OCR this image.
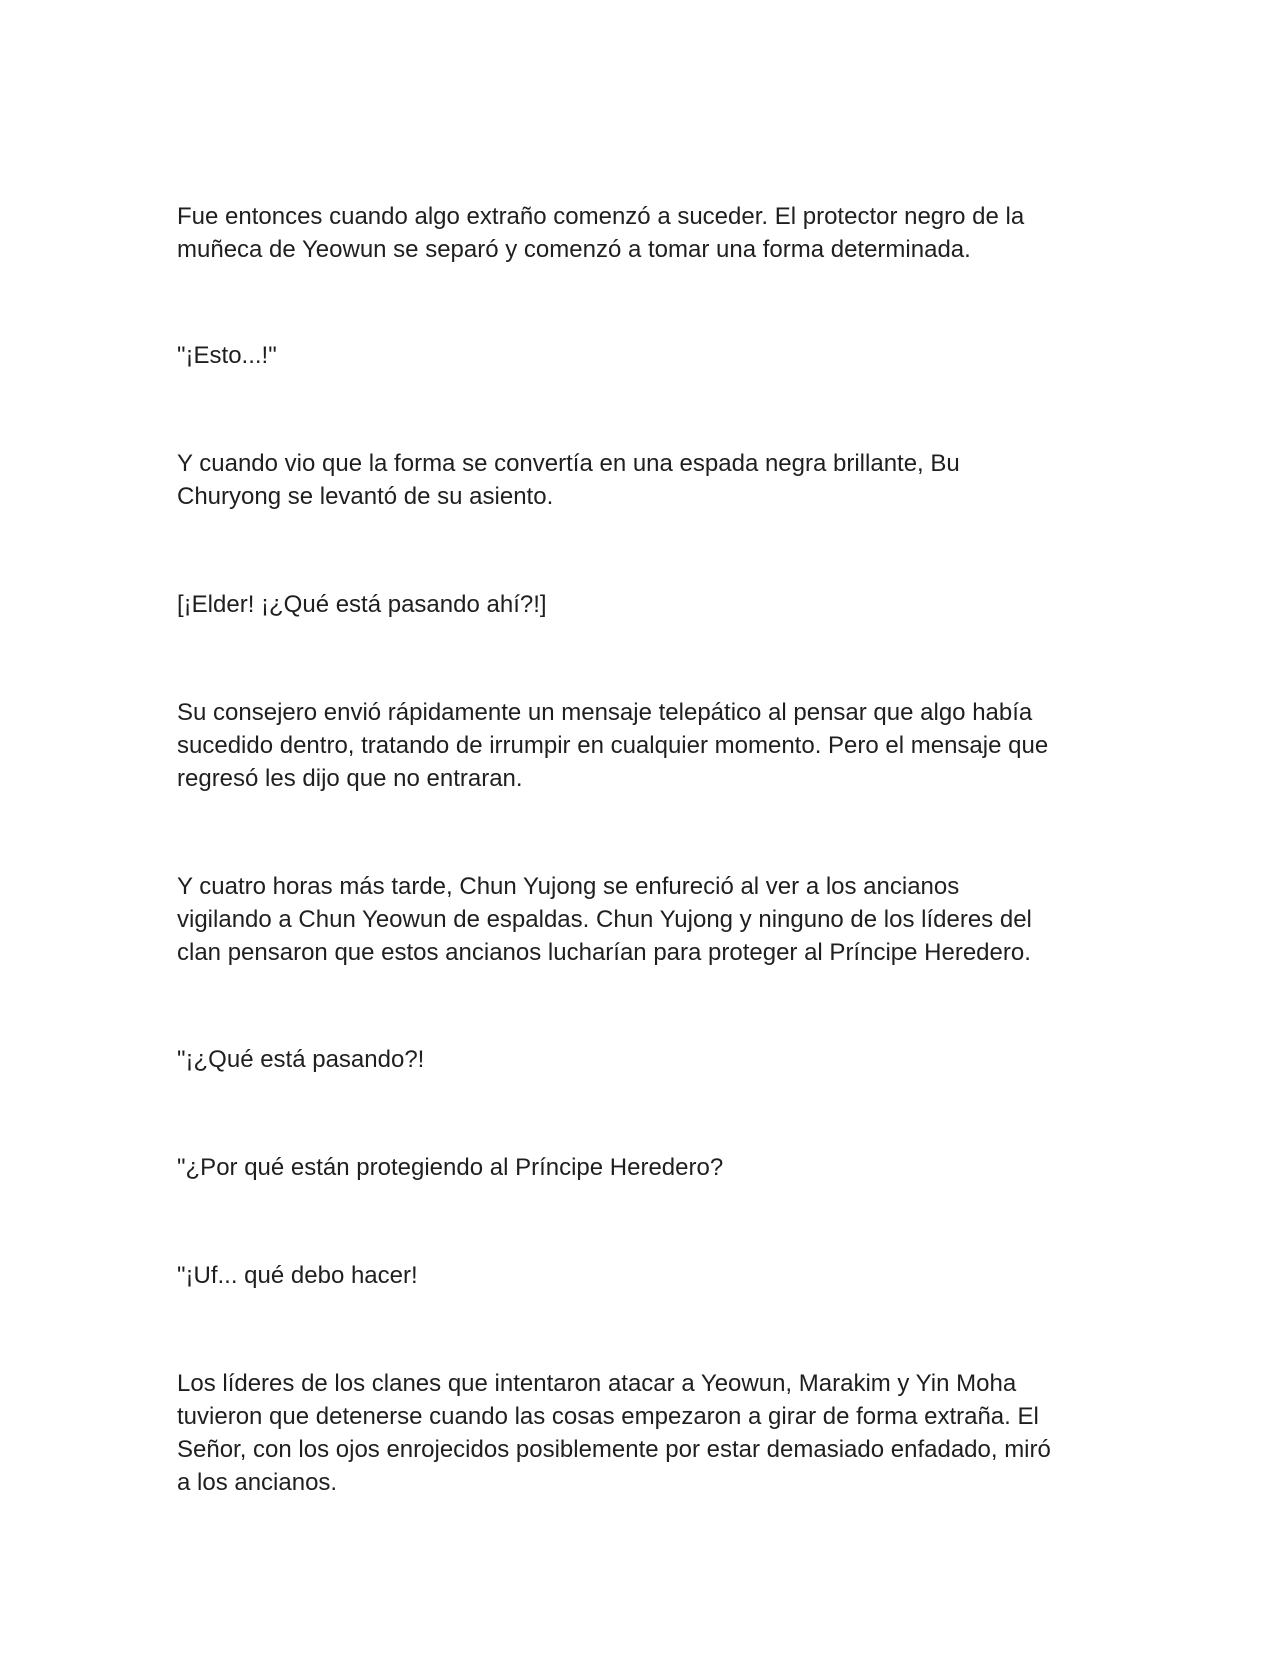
Fue entonces cuando algo extraño comenzó a suceder. El protector negro de la
muñeca de Yeowun se separó y comenzó a tomar una forma determinada.

"¡Esto...!"

Y cuando vio que la forma se convertía en una espada negra brillante, Bu
Churyong se levantó de su asiento.

[¡Elder! ¡¿Qué está pasando ahí?!]

Su consejero envió rápidamente un mensaje telepático al pensar que algo había
sucedido dentro, tratando de irrumpir en cualquier momento. Pero el mensaje que
regresó les dijo que no entraran.

Y cuatro horas más tarde, Chun Yujong se enfureció al ver a los ancianos
vigilando a Chun Yeowun de espaldas. Chun Yujong y ninguno de los líderes del
clan pensaron que estos ancianos lucharían para proteger al Príncipe Heredero.

"¡¿Qué está pasando?!

"¿Por qué están protegiendo al Príncipe Heredero?

"¡Uf... qué debo hacer!

Los líderes de los clanes que intentaron atacar a Yeowun, Marakim y Yin Moha
tuvieron que detenerse cuando las cosas empezaron a girar de forma extraña. El
Señor, con los ojos enrojecidos posiblemente por estar demasiado enfadado, miró
a los ancianos.
